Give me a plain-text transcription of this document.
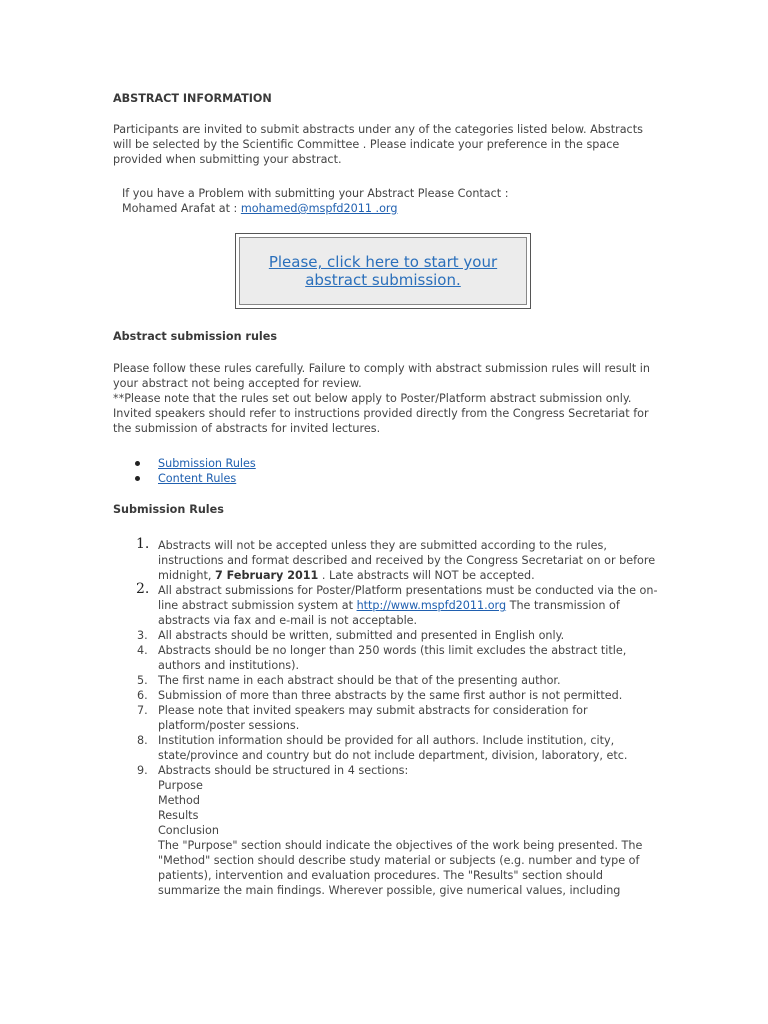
ABSTRACT INFORMATION

Participants are invited to submit abstracts under any of the categories listed below. Abstracts will be selected by the Scientific Committee . Please indicate your preference in the space provided when submitting your abstract.

If you have a Problem with submitting your Abstract Please Contact :
Mohamed Arafat at : mohamed@mspfd2011 .org
Please, click here to start your abstract submission.
Abstract submission rules
Please follow these rules carefully. Failure to comply with abstract submission rules will result in your abstract not being accepted for review.
**Please note that the rules set out below apply to Poster/Platform abstract submission only. Invited speakers should refer to instructions provided directly from the Congress Secretariat for the submission of abstracts for invited lectures.
Submission Rules
Content Rules
Submission Rules
1. Abstracts will not be accepted unless they are submitted according to the rules, instructions and format described and received by the Congress Secretariat on or before midnight, 7 February 2011 . Late abstracts will NOT be accepted.
2. All abstract submissions for Poster/Platform presentations must be conducted via the on-line abstract submission system at http://www.mspfd2011.org The transmission of abstracts via fax and e-mail is not acceptable.
3. All abstracts should be written, submitted and presented in English only.
4. Abstracts should be no longer than 250 words (this limit excludes the abstract title, authors and institutions).
5. The first name in each abstract should be that of the presenting author.
6. Submission of more than three abstracts by the same first author is not permitted.
7. Please note that invited speakers may submit abstracts for consideration for platform/poster sessions.
8. Institution information should be provided for all authors. Include institution, city, state/province and country but do not include department, division, laboratory, etc.
9. Abstracts should be structured in 4 sections:
Purpose
Method
Results
Conclusion
The "Purpose" section should indicate the objectives of the work being presented. The "Method" section should describe study material or subjects (e.g. number and type of patients), intervention and evaluation procedures. The "Results" section should summarize the main findings. Wherever possible, give numerical values, including
